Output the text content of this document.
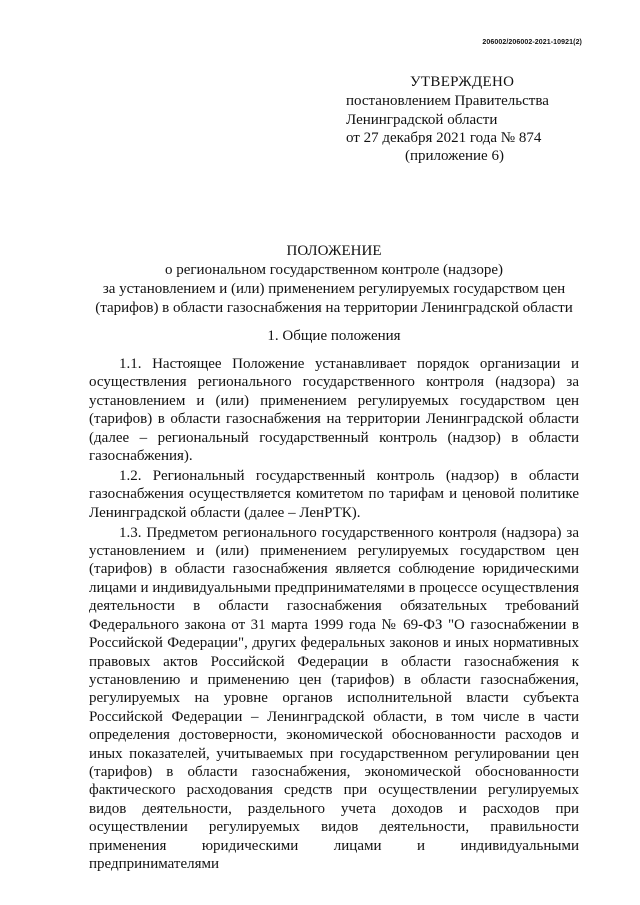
206002/206002-2021-10921(2)
УТВЕРЖДЕНО
постановлением Правительства
Ленинградской области
от 27 декабря 2021 года № 874
(приложение 6)
ПОЛОЖЕНИЕ
о региональном государственном контроле (надзоре)
за установлением и (или) применением регулируемых государством цен
(тарифов) в области газоснабжения на территории Ленинградской области
1. Общие положения

1.1. Настоящее Положение устанавливает порядок организации и осуществления регионального государственного контроля (надзора) за установлением и (или) применением регулируемых государством цен (тарифов) в области газоснабжения на территории Ленинградской области (далее – региональный государственный контроль (надзор) в области газоснабжения).

1.2. Региональный государственный контроль (надзор) в области газоснабжения осуществляется комитетом по тарифам и ценовой политике Ленинградской области (далее – ЛенРТК).

1.3. Предметом регионального государственного контроля (надзора) за установлением и (или) применением регулируемых государством цен (тарифов) в области газоснабжения является соблюдение юридическими лицами и индивидуальными предпринимателями в процессе осуществления деятельности в области газоснабжения обязательных требований Федерального закона от 31 марта 1999 года № 69-ФЗ "О газоснабжении в Российской Федерации", других федеральных законов и иных нормативных правовых актов Российской Федерации в области газоснабжения к установлению и применению цен (тарифов) в области газоснабжения, регулируемых на уровне органов исполнительной власти субъекта Российской Федерации – Ленинградской области, в том числе в части определения достоверности, экономической обоснованности расходов и иных показателей, учитываемых при государственном регулировании цен (тарифов) в области газоснабжения, экономической обоснованности фактического расходования средств при осуществлении регулируемых видов деятельности, раздельного учета доходов и расходов при осуществлении регулируемых видов деятельности, правильности применения юридическими лицами и индивидуальными предпринимателями
